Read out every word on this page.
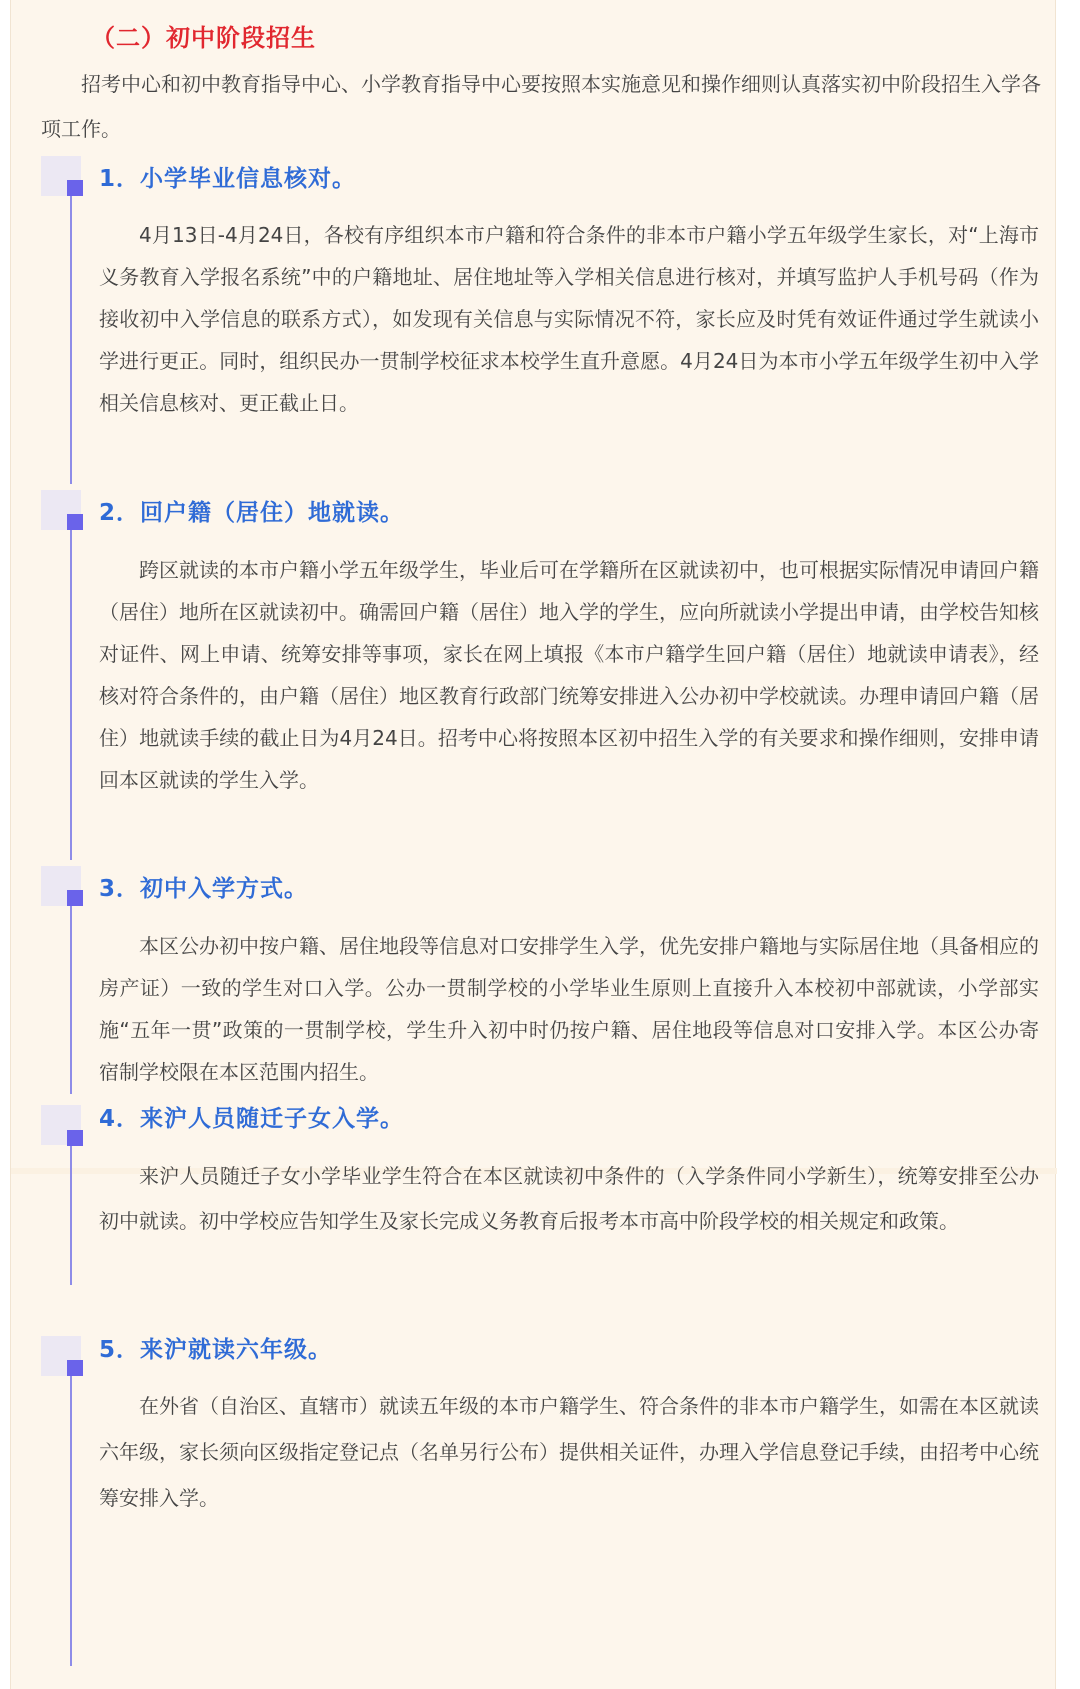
（二）初中阶段招生

招考中心和初中教育指导中心、小学教育指导中心要按照本实施意见和操作细则认真落实初中阶段招生入学各项工作。

1．小学毕业信息核对。

4月13日-4月24日，各校有序组织本市户籍和符合条件的非本市户籍小学五年级学生家长，对“上海市义务教育入学报名系统”中的户籍地址、居住地址等入学相关信息进行核对，并填写监护人手机号码（作为接收初中入学信息的联系方式），如发现有关信息与实际情况不符，家长应及时凭有效证件通过学生就读小学进行更正。同时，组织民办一贯制学校征求本校学生直升意愿。4月24日为本市小学五年级学生初中入学相关信息核对、更正截止日。

2．回户籍（居住）地就读。

跨区就读的本市户籍小学五年级学生，毕业后可在学籍所在区就读初中，也可根据实际情况申请回户籍（居住）地所在区就读初中。确需回户籍（居住）地入学的学生，应向所就读小学提出申请，由学校告知核对证件、网上申请、统筹安排等事项，家长在网上填报《本市户籍学生回户籍（居住）地就读申请表》，经核对符合条件的，由户籍（居住）地区教育行政部门统筹安排进入公办初中学校就读。办理申请回户籍（居住）地就读手续的截止日为4月24日。招考中心将按照本区初中招生入学的有关要求和操作细则，安排申请回本区就读的学生入学。

3．初中入学方式。

本区公办初中按户籍、居住地段等信息对口安排学生入学，优先安排户籍地与实际居住地（具备相应的房产证）一致的学生对口入学。公办一贯制学校的小学毕业生原则上直接升入本校初中部就读，小学部实施“五年一贯”政策的一贯制学校，学生升入初中时仍按户籍、居住地段等信息对口安排入学。本区公办寄宿制学校限在本区范围内招生。

4．来沪人员随迁子女入学。

来沪人员随迁子女小学毕业学生符合在本区就读初中条件的（入学条件同小学新生），统筹安排至公办初中就读。初中学校应告知学生及家长完成义务教育后报考本市高中阶段学校的相关规定和政策。

5．来沪就读六年级。

在外省（自治区、直辖市）就读五年级的本市户籍学生、符合条件的非本市户籍学生，如需在本区就读六年级，家长须向区级指定登记点（名单另行公布）提供相关证件，办理入学信息登记手续，由招考中心统筹安排入学。
